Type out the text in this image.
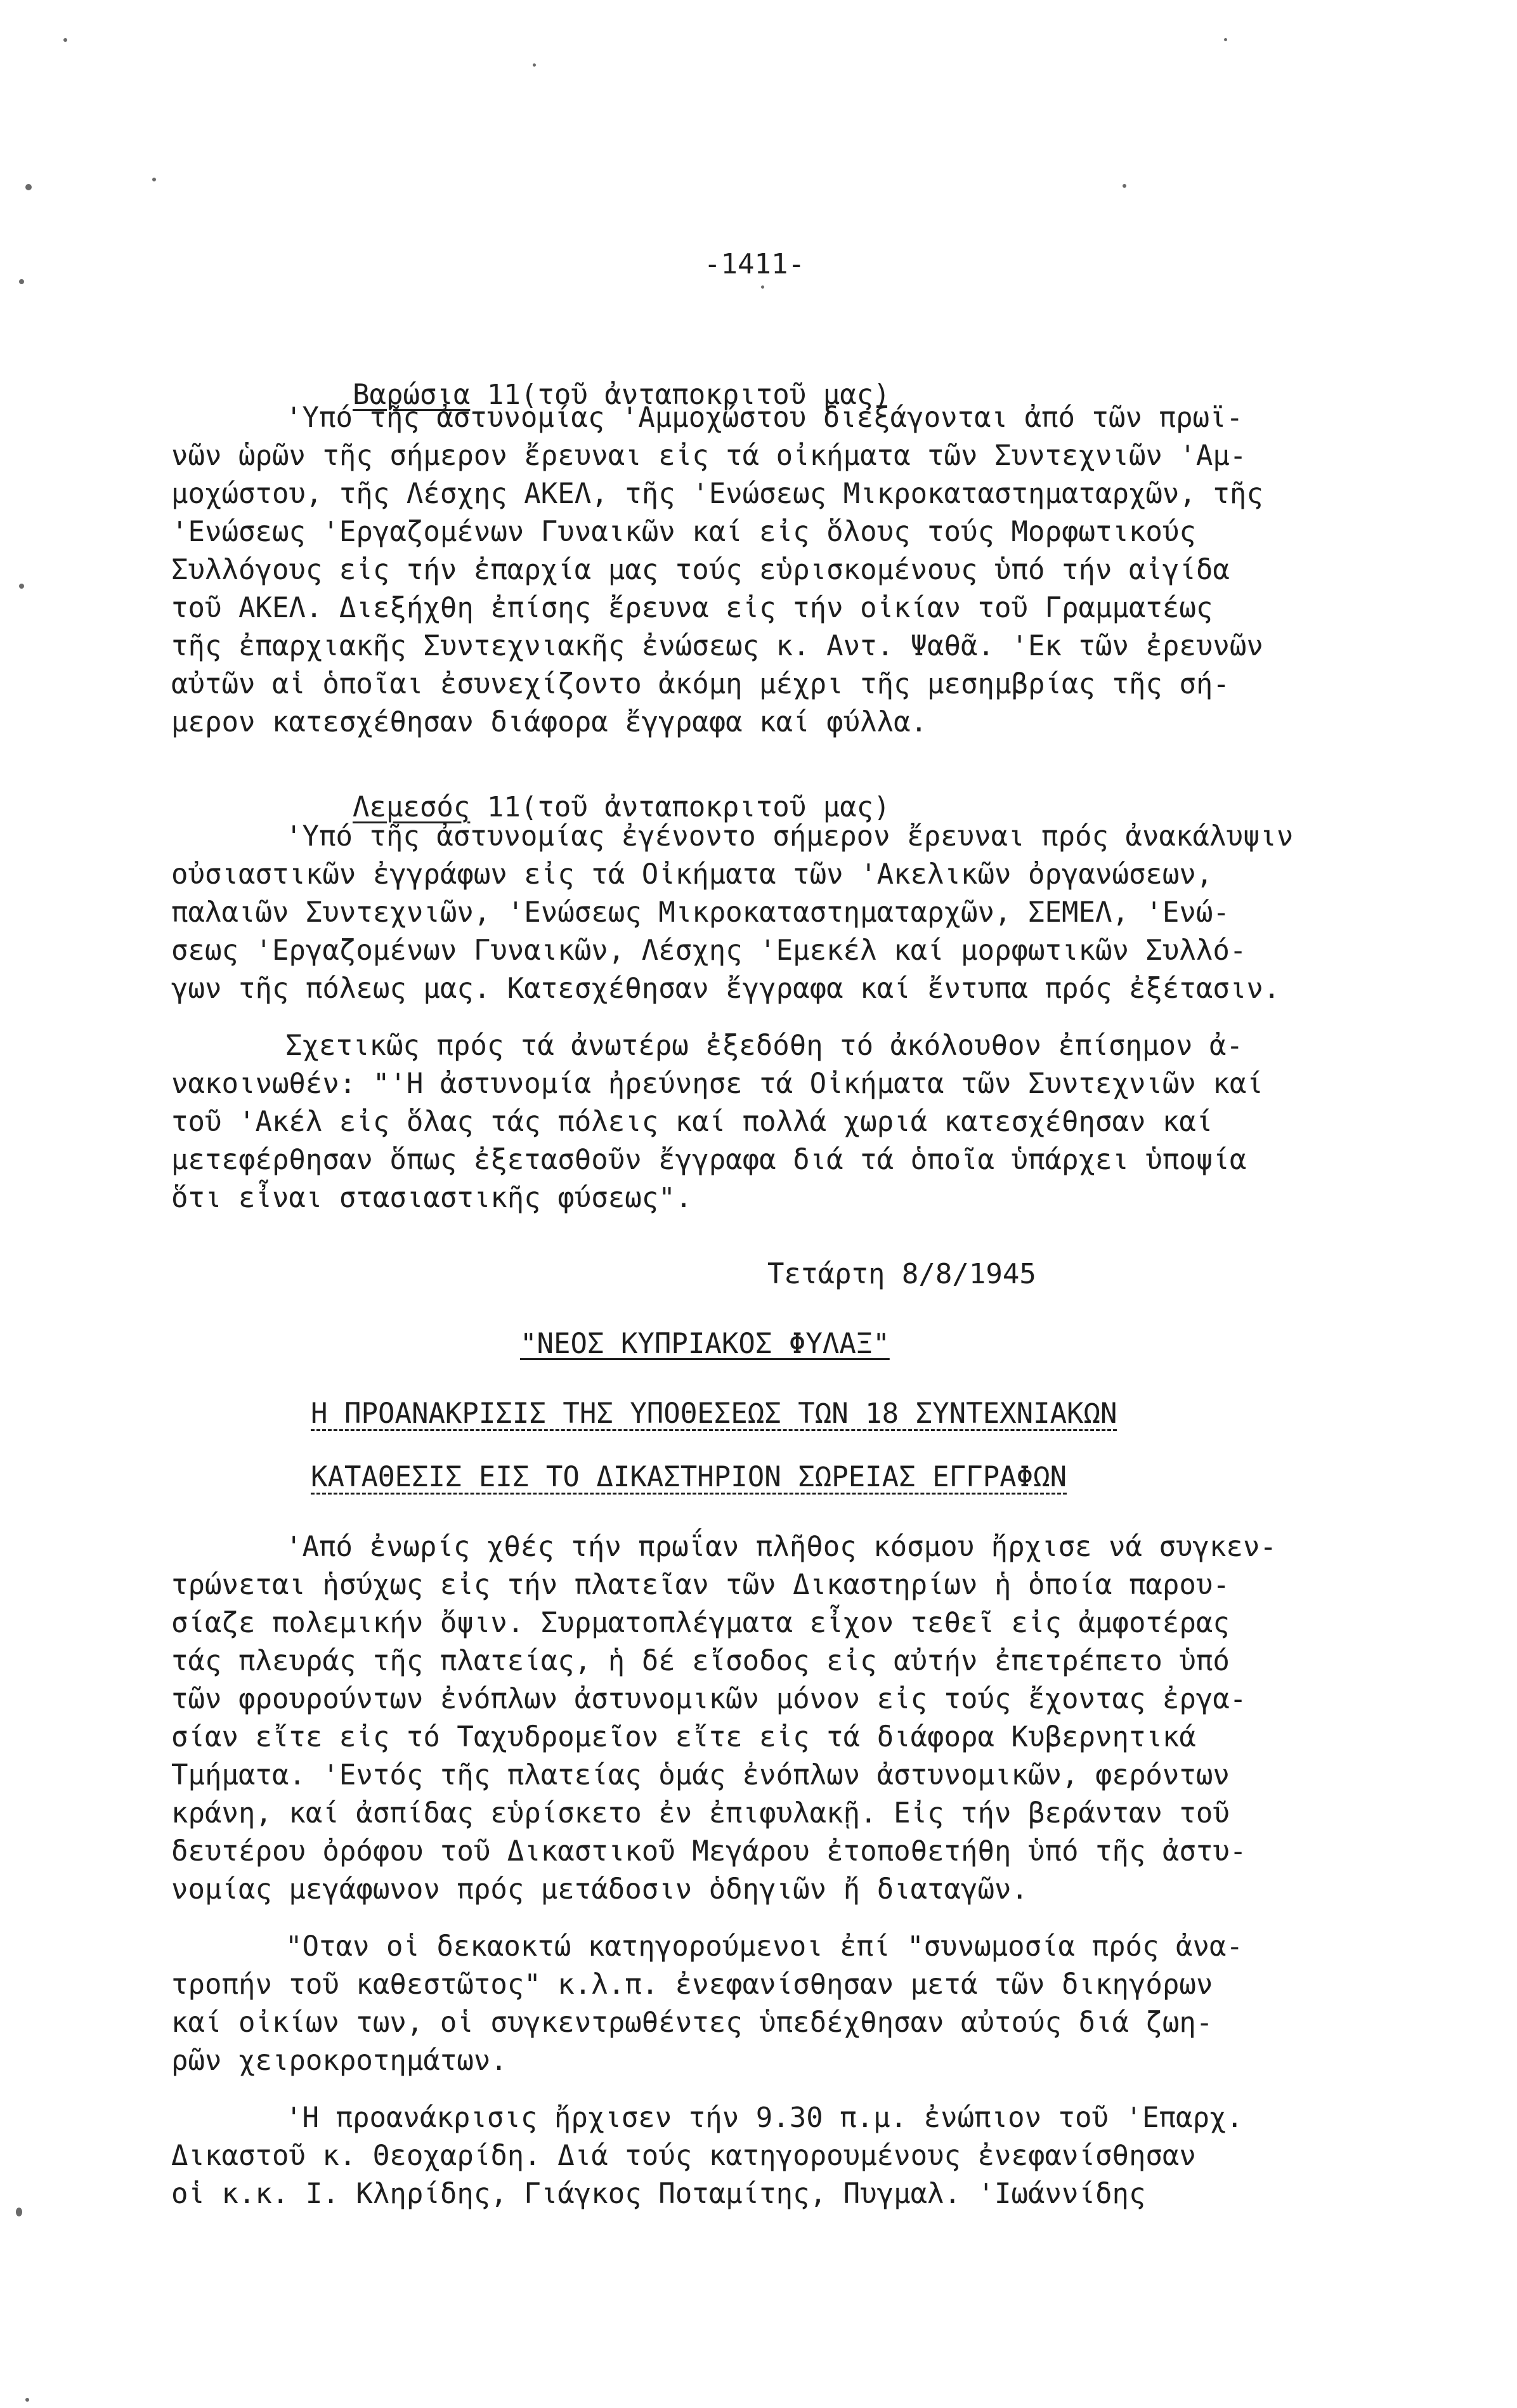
-1411-

Βαρώσια 11(τοῦ ἀνταποκριτοῦ μας)

'Υπό τῆς ἀστυνομίας 'Αμμοχώστου διεξάγονται ἀπό τῶν πρωϊ-
νῶν ὡρῶν τῆς σήμερον ἔρευναι εἰς τά οἰκήματα τῶν Συντεχνιῶν 'Αμ-
μοχώστου, τῆς Λέσχης ΑΚΕΛ, τῆς 'Ενώσεως Μικροκαταστηματαρχῶν, τῆς
'Ενώσεως 'Εργαζομένων Γυναικῶν καί εἰς ὅλους τούς Μορφωτικούς
Συλλόγους εἰς τήν ἐπαρχία μας τούς εὑρισκομένους ὑπό τήν αἰγίδα
τοῦ ΑΚΕΛ. Διεξήχθη ἐπίσης ἔρευνα εἰς τήν οἰκίαν τοῦ Γραμματέως
τῆς ἐπαρχιακῆς Συντεχνιακῆς ἐνώσεως κ. Αντ. Ψαθᾶ. 'Εκ τῶν ἐρευνῶν
αὐτῶν αἱ ὁποῖαι ἐσυνεχίζοντο ἀκόμη μέχρι τῆς μεσημβρίας τῆς σή-
μερον κατεσχέθησαν διάφορα ἔγγραφα καί φύλλα.

Λεμεσός 11(τοῦ ἀνταποκριτοῦ μας)

'Υπό τῆς ἀστυνομίας ἐγένοντο σήμερον ἔρευναι πρός ἀνακάλυψιν
οὐσιαστικῶν ἐγγράφων εἰς τά Οἰκήματα τῶν 'Ακελικῶν ὀργανώσεων,
παλαιῶν Συντεχνιῶν, 'Ενώσεως Μικροκαταστηματαρχῶν, ΣΕΜΕΛ, 'Ενώ-
σεως 'Εργαζομένων Γυναικῶν, Λέσχης 'Εμεκέλ καί μορφωτικῶν Συλλό-
γων τῆς πόλεως μας. Κατεσχέθησαν ἔγγραφα καί ἔντυπα πρός ἐξέτασιν.
Σχετικῶς πρός τά ἀνωτέρω ἐξεδόθη τό ἀκόλουθον ἐπίσημον ἀ-
νακοινωθέν: "'Η ἀστυνομία ἠρεύνησε τά Οἰκήματα τῶν Συντεχνιῶν καί
τοῦ 'Ακέλ εἰς ὅλας τάς πόλεις καί πολλά χωριά κατεσχέθησαν καί
μετεφέρθησαν ὅπως ἐξετασθοῦν ἔγγραφα διά τά ὁποῖα ὑπάρχει ὑποψία
ὅτι εἶναι στασιαστικῆς φύσεως".
Τετάρτη 8/8/1945
"ΝΕΟΣ ΚΥΠΡΙΑΚΟΣ ΦΥΛΑΞ"
Η ΠΡΟΑΝΑΚΡΙΣΙΣ ΤΗΣ ΥΠΟΘΕΣΕΩΣ ΤΩΝ 18 ΣΥΝΤΕΧΝΙΑΚΩΝ
ΚΑΤΑΘΕΣΙΣ ΕΙΣ ΤΟ ΔΙΚΑΣΤΗΡΙΟΝ ΣΩΡΕΙΑΣ ΕΓΓΡΑΦΩΝ
'Από ἐνωρίς χθές τήν πρωΐαν πλῆθος κόσμου ἤρχισε νά συγκεν-
τρώνεται ἡσύχως εἰς τήν πλατεῖαν τῶν Δικαστηρίων ἡ ὁποία παρου-
σίαζε πολεμικήν ὄψιν. Συρματοπλέγματα εἶχον τεθεῖ εἰς ἀμφοτέρας
τάς πλευράς τῆς πλατείας, ἡ δέ εἴσοδος εἰς αὐτήν ἐπετρέπετο ὑπό
τῶν φρουρούντων ἐνόπλων ἀστυνομικῶν μόνον εἰς τούς ἔχοντας ἐργα-
σίαν εἴτε εἰς τό Ταχυδρομεῖον εἴτε εἰς τά διάφορα Κυβερνητικά
Τμήματα. 'Εντός τῆς πλατείας ὁμάς ἐνόπλων ἀστυνομικῶν, φερόντων
κράνη, καί ἀσπίδας εὑρίσκετο ἐν ἐπιφυλακῇ. Εἰς τήν βεράνταν τοῦ
δευτέρου ὀρόφου τοῦ Δικαστικοῦ Μεγάρου ἐτοποθετήθη ὑπό τῆς ἀστυ-
νομίας μεγάφωνον πρός μετάδοσιν ὁδηγιῶν ἤ διαταγῶν.
"Οταν οἱ δεκαοκτώ κατηγορούμενοι ἐπί "συνωμοσία πρός ἀνα-
τροπήν τοῦ καθεστῶτος" κ.λ.π. ἐνεφανίσθησαν μετά τῶν δικηγόρων
καί οἰκίων των, οἱ συγκεντρωθέντες ὑπεδέχθησαν αὐτούς διά ζωη-
ρῶν χειροκροτημάτων.
'Η προανάκρισις ἤρχισεν τήν 9.30 π.μ. ἐνώπιον τοῦ 'Επαρχ.
Δικαστοῦ κ. Θεοχαρίδη. Διά τούς κατηγορουμένους ἐνεφανίσθησαν
οἱ κ.κ. Ι. Κληρίδης, Γιάγκος Ποταμίτης, Πυγμαλ. 'Ιωάννίδης
